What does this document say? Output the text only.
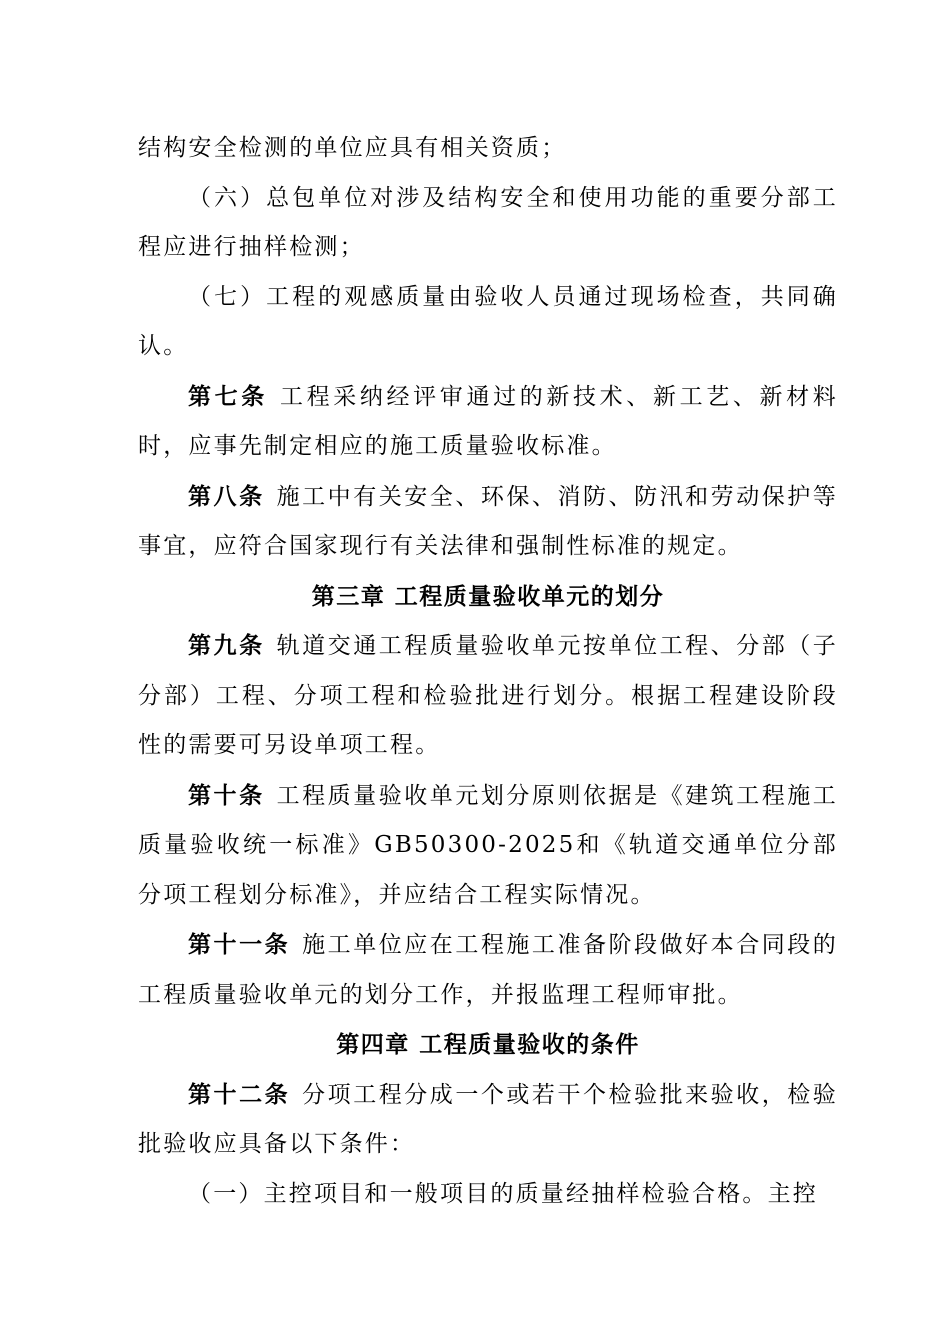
结构安全检测的单位应具有相关资质；

（六）总包单位对涉及结构安全和使用功能的重要分部工程应进行抽样检测；

（七）工程的观感质量由验收人员通过现场检查，共同确认。

第七条 工程采纳经评审通过的新技术、新工艺、新材料时，应事先制定相应的施工质量验收标准。

第八条 施工中有关安全、环保、消防、防汛和劳动保护等事宜，应符合国家现行有关法律和强制性标准的规定。

第三章 工程质量验收单元的划分

第九条 轨道交通工程质量验收单元按单位工程、分部（子分部）工程、分项工程和检验批进行划分。根据工程建设阶段性的需要可另设单项工程。

第十条 工程质量验收单元划分原则依据是《建筑工程施工质量验收统一标准》GB50300-2025和《轨道交通单位分部分项工程划分标准》，并应结合工程实际情况。

第十一条 施工单位应在工程施工准备阶段做好本合同段的工程质量验收单元的划分工作，并报监理工程师审批。

第四章 工程质量验收的条件

第十二条 分项工程分成一个或若干个检验批来验收，检验批验收应具备以下条件：

（一）主控项目和一般项目的质量经抽样检验合格。主控
